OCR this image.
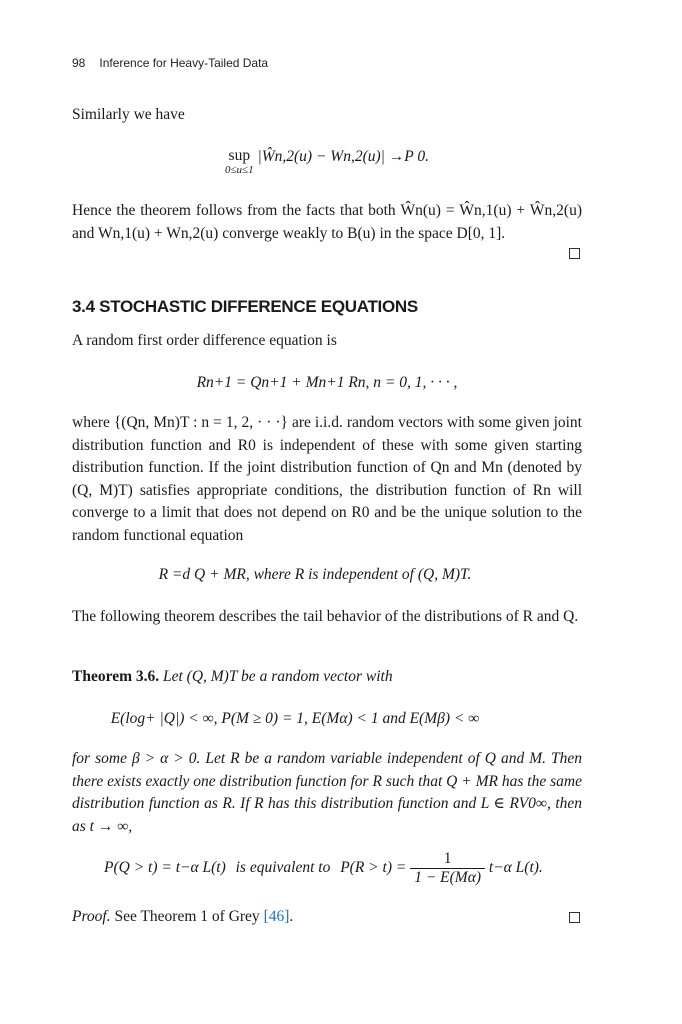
98 Inference for Heavy-Tailed Data
Similarly we have
sup
0≤u≤1
|Ŵn,2(u) − Wn,2(u)| →P 0.
Hence the theorem follows from the facts that both Ŵn(u) = Ŵn,1(u) + Ŵn,2(u) and Wn,1(u) + Wn,2(u) converge weakly to B(u) in the space D[0, 1].
3.4 STOCHASTIC DIFFERENCE EQUATIONS
A random first order difference equation is
Rn+1 = Qn+1 + Mn+1 Rn, n = 0, 1, · · · ,
where {(Qn, Mn)T : n = 1, 2, · · ·} are i.i.d. random vectors with some given joint distribution function and R0 is independent of these with some given starting distribution function. If the joint distribution function of Qn and Mn (denoted by (Q, M)T) satisfies appropriate conditions, the distribution function of Rn will converge to a limit that does not depend on R0 and be the unique solution to the random functional equation
R =d Q + MR, where R is independent of (Q, M)T.
The following theorem describes the tail behavior of the distributions of R and Q.
Theorem 3.6. Let (Q, M)T be a random vector with
E(log+ |Q|) < ∞, P(M ≥ 0) = 1, E(Mα) < 1 and E(Mβ) < ∞
for some β > α > 0. Let R be a random variable independent of Q and M. Then there exists exactly one distribution function for R such that Q + MR has the same distribution function as R. If R has this distribution function and L ∈ RV0∞, then as t → ∞,
P(Q > t) = t−α L(t) is equivalent to $P(R > t) = \frac{1}{1 - E(M\alpha)} t-\alpha$ L(t).
Proof. See Theorem 1 of Grey [46].
